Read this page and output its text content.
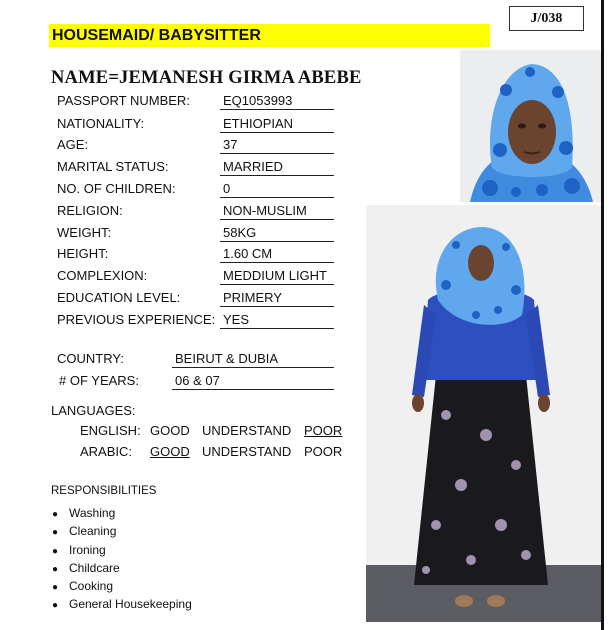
J/038
HOUSEMAID/ BABYSITTER
NAME=JEMANESH GIRMA ABEBE
PASSPORT NUMBER:	EQ1053993
NATIONALITY:	ETHIOPIAN
AGE:	37
MARITAL STATUS:	MARRIED
NO. OF CHILDREN:	0
RELIGION:	NON-MUSLIM
WEIGHT:	58KG
HEIGHT:	1.60 CM
COMPLEXION:	MEDDIUM LIGHT
EDUCATION LEVEL:	PRIMERY
PREVIOUS EXPERIENCE: YES
COUNTRY:	BEIRUT & DUBIA
# OF YEARS:	06 & 07
LANGUAGES:
ENGLISH: GOOD UNDERSTAND POOR
ARABIC: GOOD UNDERSTAND POOR
RESPONSIBILITIES
● Washing
● Cleaning
● Ironing
● Childcare
● Cooking
● General Housekeeping
